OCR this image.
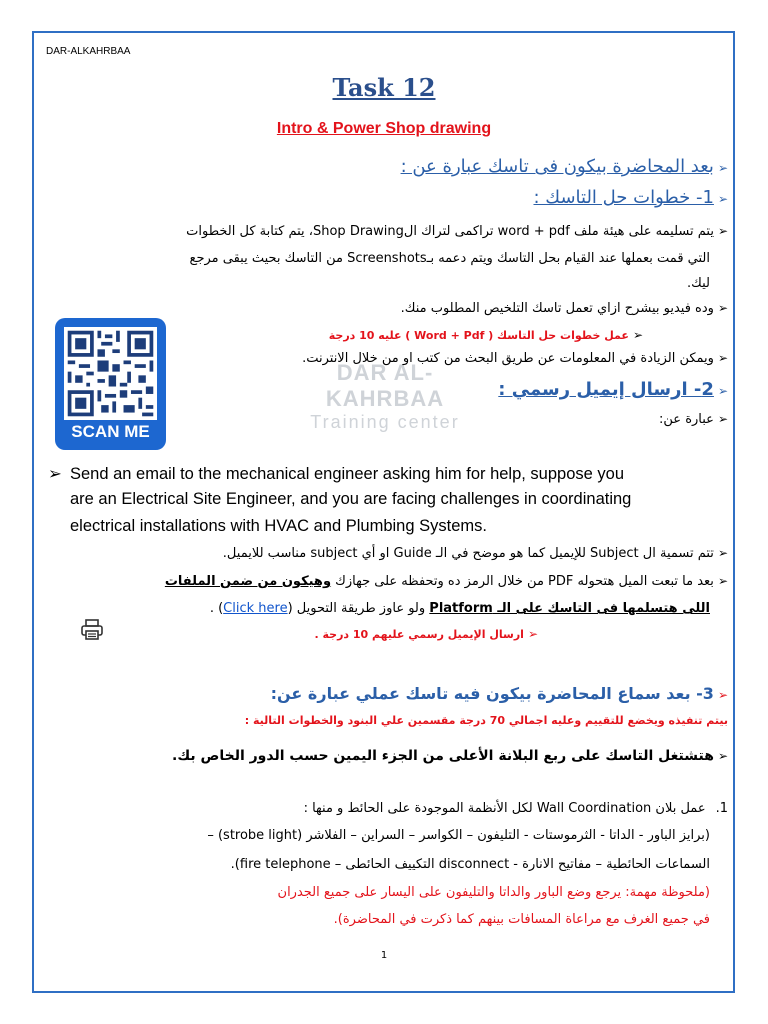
DAR-ALKAHRBAA
Task 12
Intro & Power Shop drawing
DAR AL-KAHRBAA
Training center
➢بعد المحاضرة بيكون فى تاسك عبارة عن :
➢1- خطوات حل التاسك :
➢يتم تسليمه على هيئة ملف word + pdf تراكمى لتراك الShop Drawing، يتم كتابة كل الخطوات
التي قمت بعملها عند القيام بحل التاسك ويتم دعمه بـScreenshots من التاسك بحيث يبقى مرجع
ليك.
➢وده فيديو بيشرح ازاي تعمل تاسك التلخيص المطلوب منك.
➢عمل خطوات حل التاسك ( Word + Pdf ) عليه 10 درجة
➢ويمكن الزيادة في المعلومات عن طريق البحث من كتب او من خلال الانترنت.
SCAN ME
➢2- ارسال إيميل رسمي :
➢عبارة عن:
➢ Send an email to the mechanical engineer asking him for help, suppose you
are an Electrical Site Engineer, and you are facing challenges in coordinating
electrical installations with HVAC and Plumbing Systems.
➢تتم تسمية ال Subject للإيميل كما هو موضح في الـ Guide او أي subject مناسب للايميل.
➢بعد ما تبعت الميل هتحوله PDF من خلال الرمز ده وتحفظه على جهازك وهيكون من ضمن الملفات
اللى هتسلمها فى التاسك على الـ Platform ولو عاوز طريقة التحويل (Click here) .
➢ارسال الإيميل رسمي عليهم 10 درجة .
➢3- بعد سماع المحاضرة بيكون فيه تاسك عملي عبارة عن:
بيتم تنفيذه ويخضع للتقييم وعليه اجمالي 70 درجة مقسمين علي البنود والخطوات التالية :
➢هتشتغل التاسك على ربع البلانة الأعلى من الجزء اليمين حسب الدور الخاص بك.
1.عمل بلان Wall Coordination لكل الأنظمة الموجودة على الحائط و منها :
(برايز الباور - الداتا - الثرموستات - التليفون – الكواسر – السراين – الفلاشر (strobe light) –
السماعات الحائطية – مفاتيح الانارة - disconnect التكييف الحائطى – fire telephone).
(ملحوظة مهمة: يرجع وضع الباور والداتا والتليفون على اليسار على جميع الجدران
في جميع الغرف مع مراعاة المسافات بينهم كما ذكرت في المحاضرة).
1
